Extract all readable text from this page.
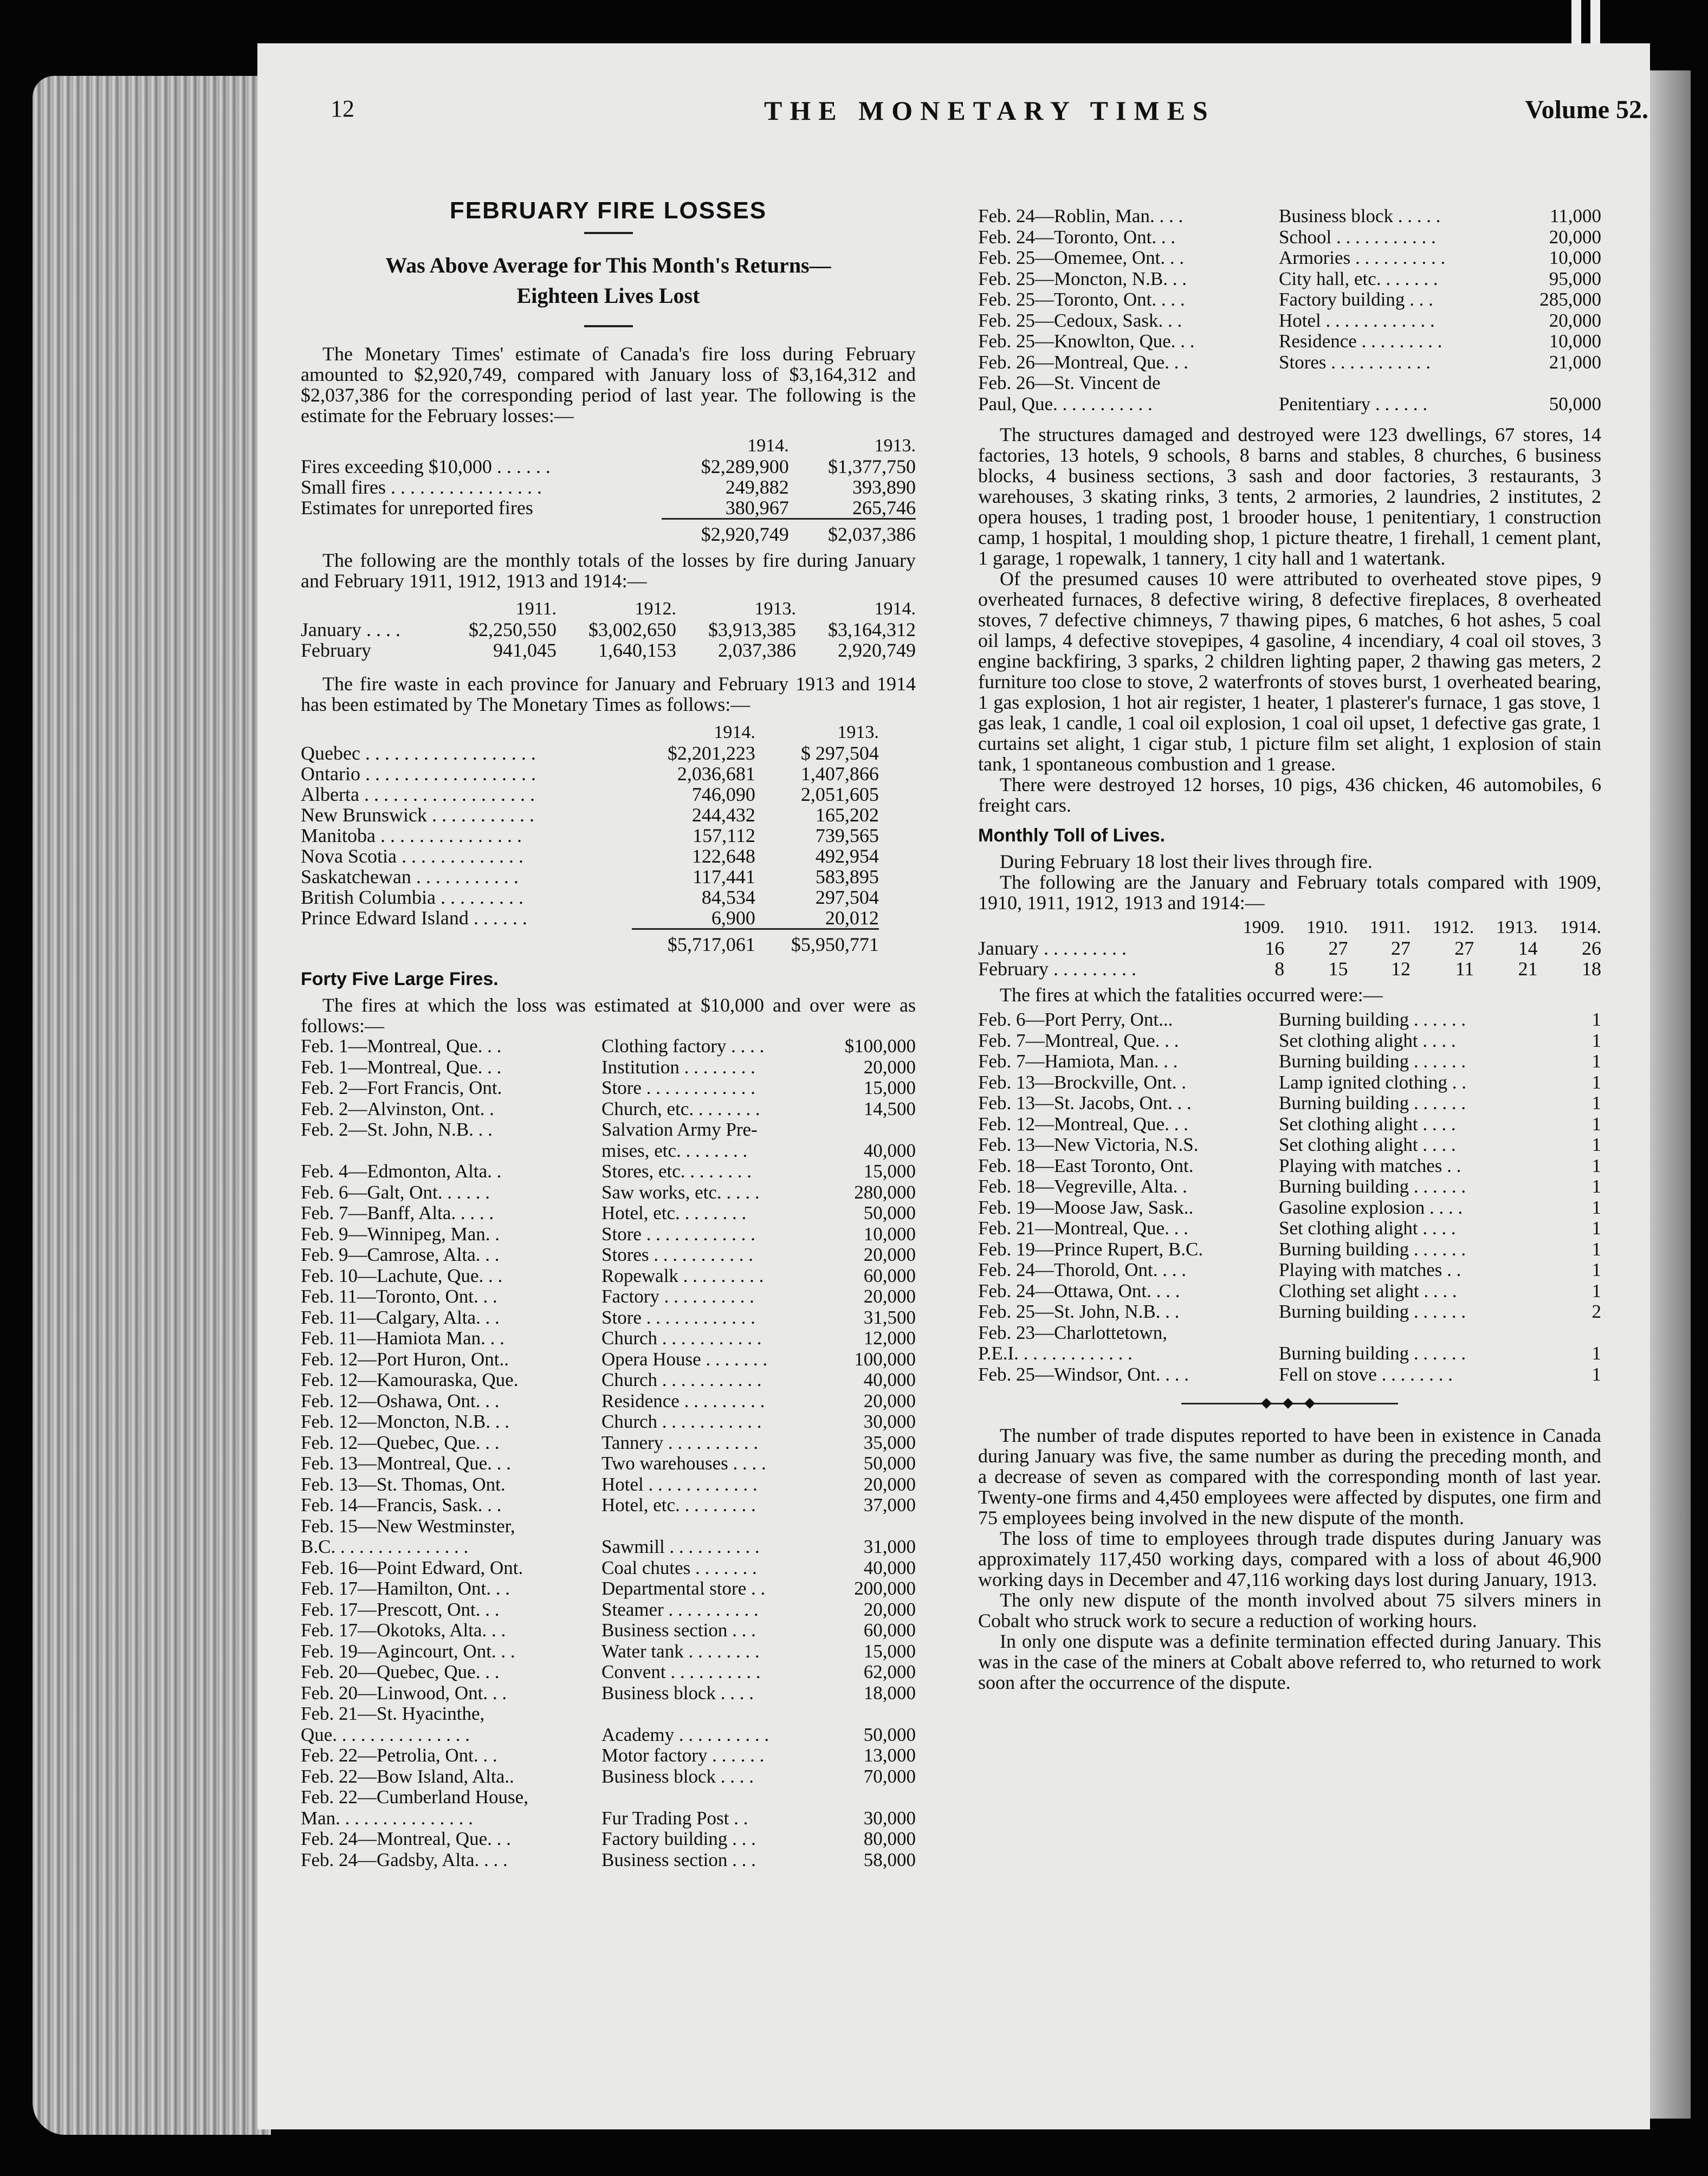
12	THE MONETARY TIMES	Volume 52.
FEBRUARY FIRE LOSSES
Was Above Average for This Month's Returns—
Eighteen Lives Lost

The Monetary Times' estimate of Canada's fire loss during February amounted to $2,920,749, compared with January loss of $3,164,312 and $2,037,386 for the corresponding period of last year. The following is the estimate for the February losses:—

	1914.	1913.
Fires exceeding $10,000 . . . . . .	$2,289,900	$1,377,750
Small fires . . . . . . . . . . . . . . . .	249,882	393,890
Estimates for unreported fires	380,967	265,746
	$2,920,749	$2,037,386

The following are the monthly totals of the losses by fire during January and February 1911, 1912, 1913 and 1914:—

	1911.	1912.	1913.	1914.
January . . . .	$2,250,550	$3,002,650	$3,913,385	$3,164,312
February	941,045	1,640,153	2,037,386	2,920,749

The fire waste in each province for January and February 1913 and 1914 has been estimated by The Monetary Times as follows:—

	1914.	1913.
Quebec . . . . . . . . . . . . . . . . . .	$2,201,223	$ 297,504
Ontario . . . . . . . . . . . . . . . . . .	2,036,681	1,407,866
Alberta . . . . . . . . . . . . . . . . . .	746,090	2,051,605
New Brunswick . . . . . . . . . . .	244,432	165,202
Manitoba . . . . . . . . . . . . . . .	157,112	739,565
Nova Scotia . . . . . . . . . . . . .	122,648	492,954
Saskatchewan . . . . . . . . . . .	117,441	583,895
British Columbia . . . . . . . . .	84,534	297,504
Prince Edward Island . . . . . .	6,900	20,012
	$5,717,061	$5,950,771
Forty Five Large Fires.

The fires at which the loss was estimated at $10,000 and over were as follows:—

Feb. 1—Montreal, Que. . .	Clothing factory . . . .	$100,000
Feb. 1—Montreal, Que. . .	Institution . . . . . . . .	20,000
Feb. 2—Fort Francis, Ont.	Store . . . . . . . . . . . .	15,000
Feb. 2—Alvinston, Ont. .	Church, etc. . . . . . . .	14,500
Feb. 2—St. John, N.B. . .	Salvation Army Pre-	
	mises, etc. . . . . . . .	40,000
Feb. 4—Edmonton, Alta. .	Stores, etc. . . . . . . .	15,000
Feb. 6—Galt, Ont. . . . . .	Saw works, etc. . . . .	280,000
Feb. 7—Banff, Alta. . . . .	Hotel, etc. . . . . . . .	50,000
Feb. 9—Winnipeg, Man. .	Store . . . . . . . . . . . .	10,000
Feb. 9—Camrose, Alta. . .	Stores . . . . . . . . . . .	20,000
Feb. 10—Lachute, Que. . .	Ropewalk . . . . . . . . .	60,000
Feb. 11—Toronto, Ont. . .	Factory . . . . . . . . . .	20,000
Feb. 11—Calgary, Alta. . .	Store . . . . . . . . . . . .	31,500
Feb. 11—Hamiota Man. . .	Church . . . . . . . . . . .	12,000
Feb. 12—Port Huron, Ont..	Opera House . . . . . . .	100,000
Feb. 12—Kamouraska, Que.	Church . . . . . . . . . . .	40,000
Feb. 12—Oshawa, Ont. . .	Residence . . . . . . . . .	20,000
Feb. 12—Moncton, N.B. . .	Church . . . . . . . . . . .	30,000
Feb. 12—Quebec, Que. . .	Tannery . . . . . . . . . .	35,000
Feb. 13—Montreal, Que. . .	Two warehouses . . . .	50,000
Feb. 13—St. Thomas, Ont.	Hotel . . . . . . . . . . . .	20,000
Feb. 14—Francis, Sask. . .	Hotel, etc. . . . . . . . .	37,000
Feb. 15—New Westminster,		
B.C. . . . . . . . . . . . . . .	Sawmill . . . . . . . . . .	31,000
Feb. 16—Point Edward, Ont.	Coal chutes . . . . . . .	40,000
Feb. 17—Hamilton, Ont. . .	Departmental store . .	200,000
Feb. 17—Prescott, Ont. . .	Steamer . . . . . . . . . .	20,000
Feb. 17—Okotoks, Alta. . .	Business section . . .	60,000
Feb. 19—Agincourt, Ont. . .	Water tank . . . . . . . .	15,000
Feb. 20—Quebec, Que. . .	Convent . . . . . . . . . .	62,000
Feb. 20—Linwood, Ont. . .	Business block . . . .	18,000
Feb. 21—St. Hyacinthe,		
Que. . . . . . . . . . . . . . .	Academy . . . . . . . . . .	50,000
Feb. 22—Petrolia, Ont. . .	Motor factory . . . . . .	13,000
Feb. 22—Bow Island, Alta..	Business block . . . .	70,000
Feb. 22—Cumberland House,		
Man. . . . . . . . . . . . . . .	Fur Trading Post . .	30,000
Feb. 24—Montreal, Que. . .	Factory building . . .	80,000
Feb. 24—Gadsby, Alta. . . .	Business section . . .	58,000
Feb. 24—Roblin, Man. . . .	Business block . . . . .	11,000
Feb. 24—Toronto, Ont. . .	School . . . . . . . . . . .	20,000
Feb. 25—Omemee, Ont. . .	Armories . . . . . . . . . .	10,000
Feb. 25—Moncton, N.B. . .	City hall, etc. . . . . . .	95,000
Feb. 25—Toronto, Ont. . . .	Factory building . . .	285,000
Feb. 25—Cedoux, Sask. . .	Hotel . . . . . . . . . . . .	20,000
Feb. 25—Knowlton, Que. . .	Residence . . . . . . . . .	10,000
Feb. 26—Montreal, Que. . .	Stores . . . . . . . . . . .	21,000
Feb. 26—St. Vincent de		
Paul, Que. . . . . . . . . . .	Penitentiary . . . . . .	50,000

The structures damaged and destroyed were 123 dwellings, 67 stores, 14 factories, 13 hotels, 9 schools, 8 barns and stables, 8 churches, 6 business blocks, 4 business sections, 3 sash and door factories, 3 restaurants, 3 warehouses, 3 skating rinks, 3 tents, 2 armories, 2 laundries, 2 institutes, 2 opera houses, 1 trading post, 1 brooder house, 1 penitentiary, 1 construction camp, 1 hospital, 1 moulding shop, 1 picture theatre, 1 firehall, 1 cement plant, 1 garage, 1 ropewalk, 1 tannery, 1 city hall and 1 watertank.

Of the presumed causes 10 were attributed to overheated stove pipes, 9 overheated furnaces, 8 defective wiring, 8 defective fireplaces, 8 overheated stoves, 7 defective chimneys, 7 thawing pipes, 6 matches, 6 hot ashes, 5 coal oil lamps, 4 defective stovepipes, 4 gasoline, 4 incendiary, 4 coal oil stoves, 3 engine backfiring, 3 sparks, 2 children lighting paper, 2 thawing gas meters, 2 furniture too close to stove, 2 waterfronts of stoves burst, 1 overheated bearing, 1 gas explosion, 1 hot air register, 1 heater, 1 plasterer's furnace, 1 gas stove, 1 gas leak, 1 candle, 1 coal oil explosion, 1 coal oil upset, 1 defective gas grate, 1 curtains set alight, 1 cigar stub, 1 picture film set alight, 1 explosion of stain tank, 1 spontaneous combustion and 1 grease.

There were destroyed 12 horses, 10 pigs, 436 chicken, 46 automobiles, 6 freight cars.

Monthly Toll of Lives.

During February 18 lost their lives through fire.

The following are the January and February totals compared with 1909, 1910, 1911, 1912, 1913 and 1914:—

	1909.	1910.	1911.	1912.	1913.	1914.
January . . . . . . . . .	16	27	27	27	14	26
February . . . . . . . . .	8	15	12	11	21	18

The fires at which the fatalities occurred were:—

Feb. 6—Port Perry, Ont...	Burning building . . . . . .	1
Feb. 7—Montreal, Que. . .	Set clothing alight . . . .	1
Feb. 7—Hamiota, Man. . .	Burning building . . . . . .	1
Feb. 13—Brockville, Ont. .	Lamp ignited clothing . .	1
Feb. 13—St. Jacobs, Ont. . .	Burning building . . . . . .	1
Feb. 12—Montreal, Que. . .	Set clothing alight . . . .	1
Feb. 13—New Victoria, N.S.	Set clothing alight . . . .	1
Feb. 18—East Toronto, Ont.	Playing with matches . .	1
Feb. 18—Vegreville, Alta. .	Burning building . . . . . .	1
Feb. 19—Moose Jaw, Sask..	Gasoline explosion . . . .	1
Feb. 21—Montreal, Que. . .	Set clothing alight . . . .	1
Feb. 19—Prince Rupert, B.C.	Burning building . . . . . .	1
Feb. 24—Thorold, Ont. . . .	Playing with matches . .	1
Feb. 24—Ottawa, Ont. . . .	Clothing set alight . . . .	1
Feb. 25—St. John, N.B. . .	Burning building . . . . . .	2
Feb. 23—Charlottetown,		
P.E.I. . . . . . . . . . . . .	Burning building . . . . . .	1
Feb. 25—Windsor, Ont. . . .	Fell on stove . . . . . . . .	1

The number of trade disputes reported to have been in existence in Canada during January was five, the same number as during the preceding month, and a decrease of seven as compared with the corresponding month of last year. Twenty-one firms and 4,450 employees were affected by disputes, one firm and 75 employees being involved in the new dispute of the month.

The loss of time to employees through trade disputes during January was approximately 117,450 working days, compared with a loss of about 46,900 working days in December and 47,116 working days lost during January, 1913.

The only new dispute of the month involved about 75 silvers miners in Cobalt who struck work to secure a reduction of working hours.

In only one dispute was a definite termination effected during January. This was in the case of the miners at Cobalt above referred to, who returned to work soon after the occurrence of the dispute.
